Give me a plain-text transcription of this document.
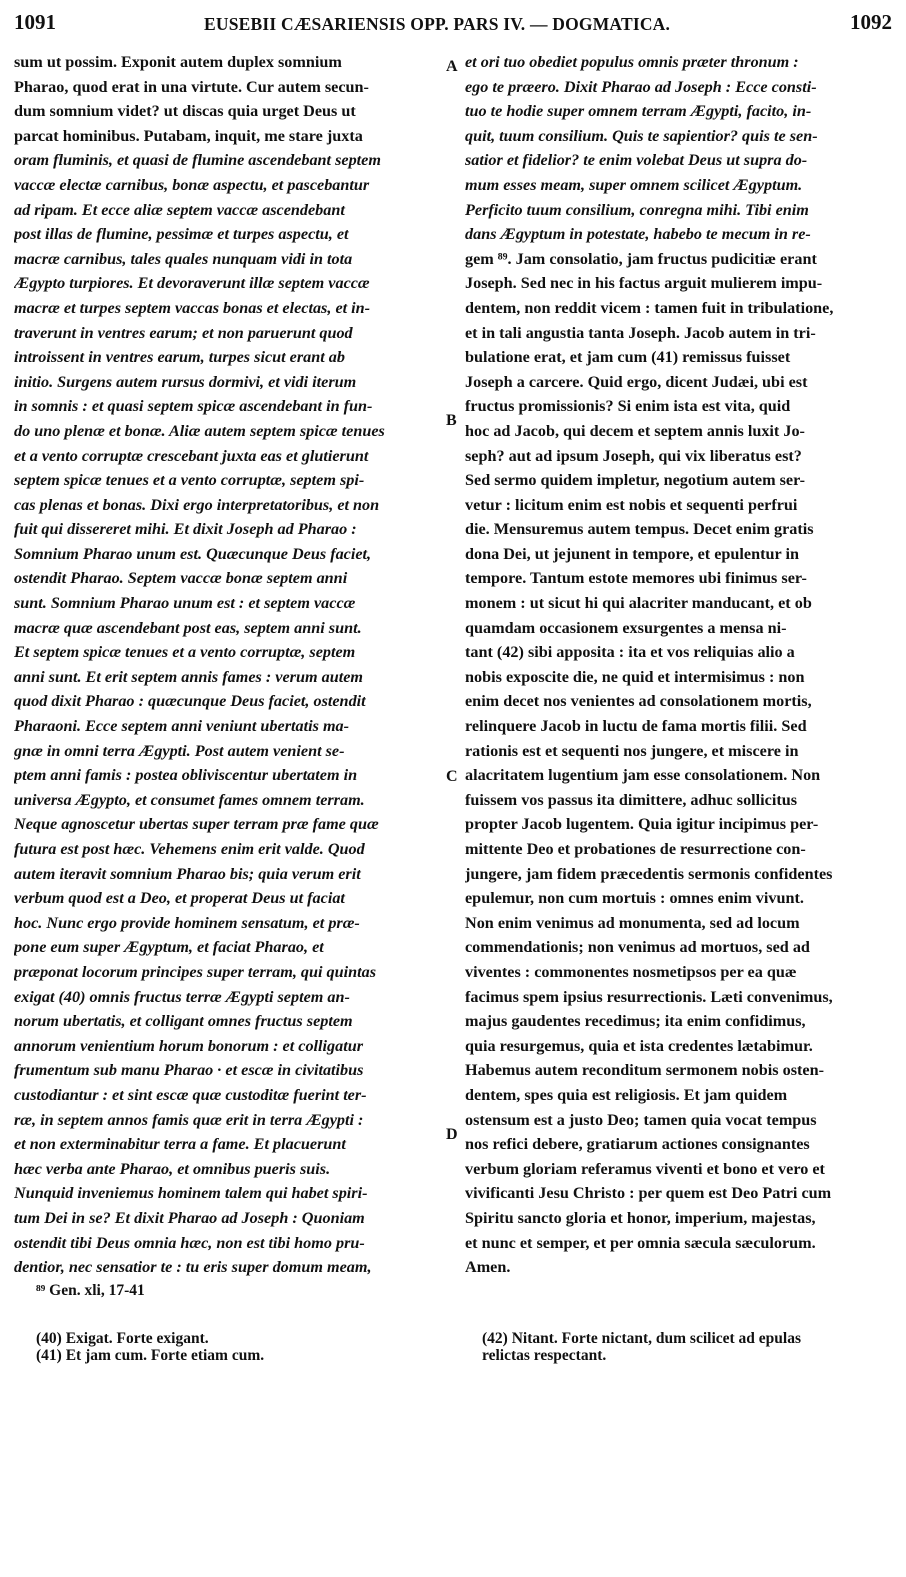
1091	EUSEBII CÆSARIENSIS OPP. PARS IV. — DOGMATICA.	1092
sum ut possim. Exponit autem duplex somnium
Pharao, quod erat in una virtute. Cur autem secun-
dum somnium videt? ut discas quia urget Deus ut
parcat hominibus. Putabam, inquit, me stare juxta
oram fluminis, et quasi de flumine ascendebant septem
vaccæ electæ carnibus, bonæ aspectu, et pascebantur
ad ripam. Et ecce aliæ septem vaccæ ascendebant
post illas de flumine, pessimæ et turpes aspectu, et
macræ carnibus, tales quales nunquam vidi in tota
Ægypto turpiores. Et devoraverunt illæ septem vaccæ
macræ et turpes septem vaccas bonas et electas, et in-
traverunt in ventres earum; et non paruerunt quod
introissent in ventres earum, turpes sicut erant ab
initio. Surgens autem rursus dormivi, et vidi iterum
in somnis : et quasi septem spicæ ascendebant in fun-
do uno plenæ et bonæ. Aliæ autem septem spicæ tenues
et a vento corruptæ crescebant juxta eas et glutierunt
septem spicæ tenues et a vento corruptæ, septem spi-
cas plenas et bonas. Dixi ergo interpretatoribus, et non
fuit qui dissereret mihi. Et dixit Joseph ad Pharao :
Somnium Pharao unum est. Quæcunque Deus faciet,
ostendit Pharao. Septem vaccæ bonæ septem anni
sunt. Somnium Pharao unum est : et septem vaccæ
macræ quæ ascendebant post eas, septem anni sunt.
Et septem spicæ tenues et a vento corruptæ, septem
anni sunt. Et erit septem annis fames : verum autem
quod dixit Pharao : quæcunque Deus faciet, ostendit
Pharaoni. Ecce septem anni veniunt ubertatis ma-
gnæ in omni terra Ægypti. Post autem venient se-
ptem anni famis : postea obliviscentur ubertatem in
universa Ægypto, et consumet fames omnem terram.
Neque agnoscetur ubertas super terram præ fame quæ
futura est post hæc. Vehemens enim erit valde. Quod
autem iteravit somnium Pharao bis; quia verum erit
verbum quod est a Deo, et properat Deus ut faciat
hoc. Nunc ergo provide hominem sensatum, et præ-
pone eum super Ægyptum, et faciat Pharao, et
præponat locorum principes super terram, qui quintas
exigat (40) omnis fructus terræ Ægypti septem an-
norum ubertatis, et colligant omnes fructus septem
annorum venientium horum bonorum : et colligatur
frumentum sub manu Pharao · et escæ in civitatibus
custodiantur : et sint escæ quæ custoditæ fuerint ter-
ræ, in septem annos famis quæ erit in terra Ægypti :
et non exterminabitur terra a fame. Et placuerunt
hæc verba ante Pharao, et omnibus pueris suis.
Nunquid inveniemus hominem talem qui habet spiri-
tum Dei in se? Et dixit Pharao ad Joseph : Quoniam
ostendit tibi Deus omnia hæc, non est tibi homo pru-
dentior, nec sensatior te : tu eris super domum meam,
et ori tuo obediet populus omnis præter thronum :
ego te præero. Dixit Pharao ad Joseph : Ecce consti-
tuo te hodie super omnem terram Ægypti, facito, in-
quit, tuum consilium. Quis te sapientior? quis te sen-
satior et fidelior? te enim volebat Deus ut supra do-
mum esses meam, super omnem scilicet Ægyptum.
Perficito tuum consilium, conregna mihi. Tibi enim
dans Ægyptum in potestate, habebo te mecum in re-
gem ⁸⁹. Jam consolatio, jam fructus pudicitiæ erant
Joseph. Sed nec in his factus arguit mulierem impu-
dentem, non reddit vicem : tamen fuit in tribulatione,
et in tali angustia tanta Joseph. Jacob autem in tri-
bulatione erat, et jam cum (41) remissus fuisset
Joseph a carcere. Quid ergo, dicent Judæi, ubi est
fructus promissionis? Si enim ista est vita, quid
hoc ad Jacob, qui decem et septem annis luxit Jo-
seph? aut ad ipsum Joseph, qui vix liberatus est?
Sed sermo quidem impletur, negotium autem ser-
vetur : licitum enim est nobis et sequenti perfrui
die. Mensuremus autem tempus. Decet enim gratis
dona Dei, ut jejunent in tempore, et epulentur in
tempore. Tantum estote memores ubi finimus ser-
monem : ut sicut hi qui alacriter manducant, et ob
quamdam occasionem exsurgentes a mensa ni-
tant (42) sibi apposita : ita et vos reliquias alio a
nobis exposcite die, ne quid et intermisimus : non
enim decet nos venientes ad consolationem mortis,
relinquere Jacob in luctu de fama mortis filii. Sed
rationis est et sequenti nos jungere, et miscere in
alacritatem lugentium jam esse consolationem. Non
fuissem vos passus ita dimittere, adhuc sollicitus
propter Jacob lugentem. Quia igitur incipimus per-
mittente Deo et probationes de resurrectione con-
jungere, jam fidem præcedentis sermonis confidentes
epulemur, non cum mortuis : omnes enim vivunt.
Non enim venimus ad monumenta, sed ad locum
commendationis; non venimus ad mortuos, sed ad
viventes : commonentes nosmetipsos per ea quæ
facimus spem ipsius resurrectionis. Læti convenimus,
majus gaudentes recedimus; ita enim confidimus,
quia resurgemus, quia et ista credentes lætabimur.
Habemus autem reconditum sermonem nobis osten-
dentem, spes quia est religiosis. Et jam quidem
ostensum est a justo Deo; tamen quia vocat tempus
nos refici debere, gratiarum actiones consignantes
verbum gloriam referamus viventi et bono et vero et
vivificanti Jesu Christo : per quem est Deo Patri cum
Spiritu sancto gloria et honor, imperium, majestas,
et nunc et semper, et per omnia sæcula sæculorum.
Amen.
A
B
C
D
⁸⁹ Gen. xli, 17-41
(40) Exigat. Forte exigant.
(41) Et jam cum. Forte etiam cum.
(42) Nitant. Forte nictant, dum scilicet ad epulas
relictas respectant.
